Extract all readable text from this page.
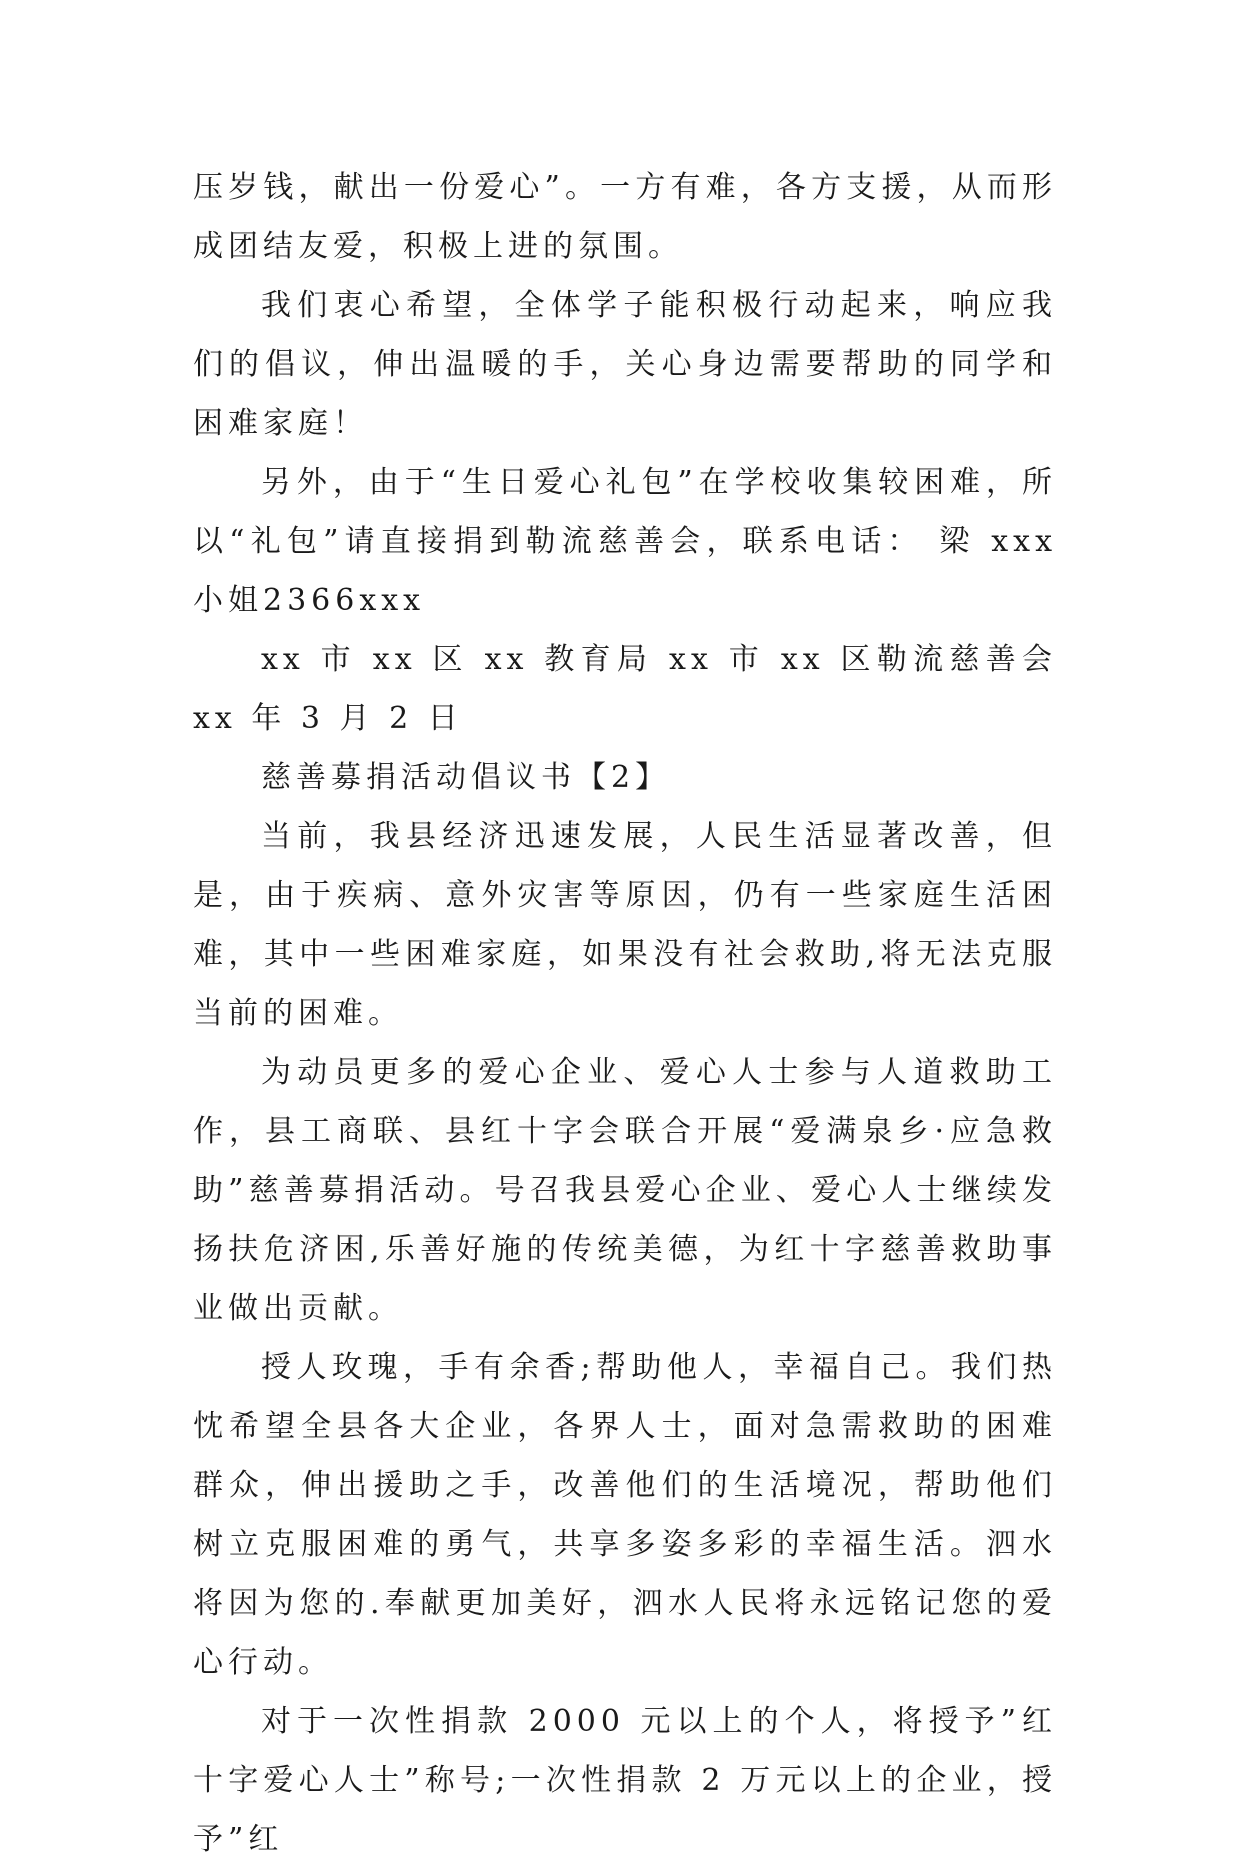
压岁钱，献出一份爱心”。一方有难，各方支援，从而形成团结友爱，积极上进的氛围。

我们衷心希望，全体学子能积极行动起来，响应我们的倡议，伸出温暖的手，关心身边需要帮助的同学和困难家庭！

另外，由于“生日爱心礼包”在学校收集较困难，所以“礼包”请直接捐到勒流慈善会，联系电话： 梁 xxx 小姐2366xxx

xx 市 xx 区 xx 教育局 xx 市 xx 区勒流慈善会 xx 年 3 月 2 日

慈善募捐活动倡议书【2】

当前，我县经济迅速发展，人民生活显著改善，但是，由于疾病、意外灾害等原因，仍有一些家庭生活困难，其中一些困难家庭，如果没有社会救助,将无法克服当前的困难。

为动员更多的爱心企业、爱心人士参与人道救助工作，县工商联、县红十字会联合开展“爱满泉乡·应急救助”慈善募捐活动。号召我县爱心企业、爱心人士继续发扬扶危济困,乐善好施的传统美德，为红十字慈善救助事业做出贡献。

授人玫瑰，手有余香;帮助他人，幸福自己。我们热忱希望全县各大企业，各界人士，面对急需救助的困难群众，伸出援助之手，改善他们的生活境况，帮助他们树立克服困难的勇气，共享多姿多彩的幸福生活。泗水将因为您的.奉献更加美好，泗水人民将永远铭记您的爱心行动。

对于一次性捐款 2000 元以上的个人，将授予”红十字爱心人士”称号;一次性捐款 2 万元以上的企业，授予”红
